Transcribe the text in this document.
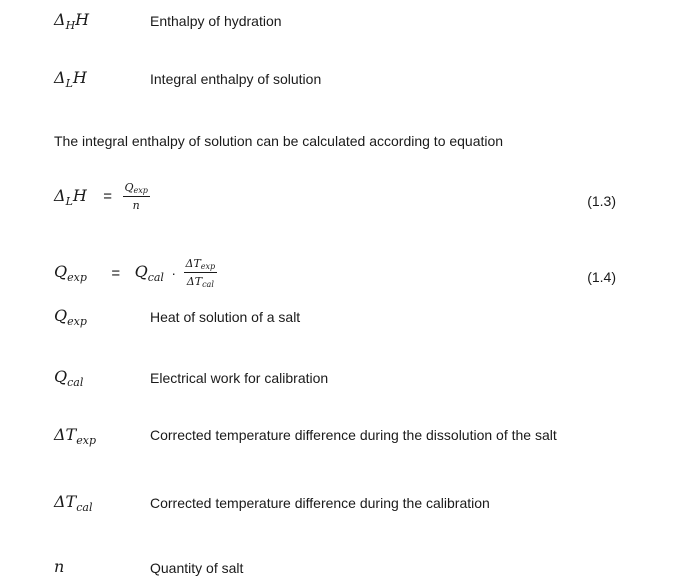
$\Delta_HH$	Enthalpy of hydration
$\Delta_LH$	Integral enthalpy of solution
The integral enthalpy of solution can be calculated according to equation
$\Delta_LH = \frac{Q_{exp}}{n}$	(1.3)
$Q_{exp} = Q_{cal} \cdot \frac{\Delta T_{exp}}{\Delta T_{cal}}$	(1.4)
$Q_{exp}$	Heat of solution of a salt
$Q_{cal}$	Electrical work for calibration
$\Delta T_{exp}$	Corrected temperature difference during the dissolution of the salt
$\Delta T_{cal}$	Corrected temperature difference during the calibration
n	Quantity of salt
